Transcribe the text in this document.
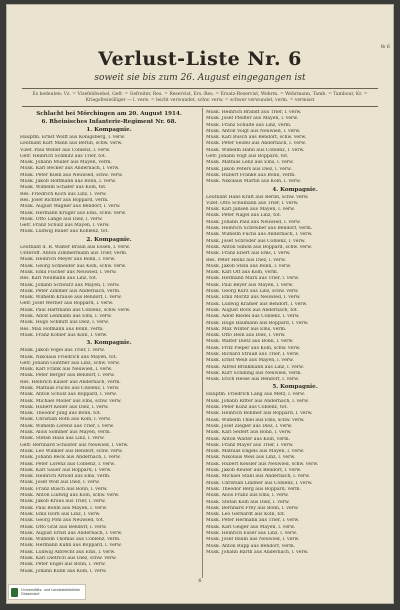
№ 6
Verlust-Liste Nr. 6
soweit sie bis zum 26. August eingegangen ist
Es bedeuten: Vz. = Vizefeldwebel, Gefr. = Gefreiter, Res. = Reservist, Ers.-Res. = Ersatz-Reservist, Wehrm. = Wehrmann, Tamb. = Tambour, Kr. = Kriegsfreiwilliger — l. verw. = leicht verwundet, schw. verw. = schwer verwundet, verm. = vermisst
Schlacht bei Mörchingen am 20. August 1914.
6. Rheinisches Infanterie-Regiment Nr. 68.
1. Kompagnie.
Hauptm. Ernst Wolff aus Königsberg, l. verw.
Leutnant Kurt Mann aus Berlin, schw. verw.
Vizef. Paul Weber aus Coblenz, l. verw.
Gefr. Heinrich Schmitz aus Trier, tot.
Musk. Johann Müller aus Mayen, verm.
Musk. Karl Becker aus Andernach, l. verw.
Musk. Peter Klein aus Neuwied, schw. verw.
Musk. Jakob Hoffmann aus Bonn, l. verw.
Musk. Wilhelm Schäfer aus Köln, tot.
Res. Friedrich Koch aus Linz, l. verw.
Res. Josef Richter aus Boppard, verm.
Musk. August Wagner aus Bendorf, l. verw.
Musk. Hermann Krüger aus Ems, schw. verw.
Musk. Otto Lange aus Diez, l. verw.
Gefr. Franz Schulz aus Mayen, l. verw.
Musk. Ludwig Bauer aus Koblenz, tot.
2. Kompagnie.
Leutnant d. R. Walter Braun aus Essen, l. verw.
Unteroff. Anton Zimmermann aus Trier, verm.
Musk. Heinrich Meyer aus Bonn, l. verw.
Musk. Georg Schneider aus Köln, schw. verw.
Musk. Emil Fischer aus Neuwied, l. verw.
Res. Karl Neumann aus Linz, tot.
Musk. Johann Schwarz aus Mayen, l. verw.
Musk. Peter Zimmer aus Andernach, verm.
Musk. Wilhelm Krause aus Bendorf, l. verw.
Gefr. Josef Werner aus Boppard, l. verw.
Musk. Paul Hartmann aus Coblenz, schw. verw.
Musk. Adolf Lehmann aus Ems, l. verw.
Musk. Hugo Schmitt aus Diez, l. verw.
Res. Max Hofmann aus Bonn, verm.
Musk. Franz Köhler aus Köln, l. verw.
3. Kompagnie.
Musk. Jakob Vogel aus Trier, l. verw.
Musk. Nikolaus Friedrich aus Mayen, tot.
Gefr. Johann Günther aus Linz, schw. verw.
Musk. Karl Frank aus Neuwied, l. verw.
Musk. Peter Berger aus Bendorf, l. verw.
Res. Heinrich Kaiser aus Andernach, verm.
Musk. Mathias Fuchs aus Coblenz, l. verw.
Musk. Anton Scholz aus Boppard, l. verw.
Musk. Michael Möller aus Ems, schw. verw.
Musk. Hubert Keller aus Diez, l. verw.
Musk. Theodor Jung aus Bonn, tot.
Musk. Christian Roth aus Köln, l. verw.
Musk. Wilhelm Lorenz aus Trier, l. verw.
Musk. Alois Sommer aus Mayen, verm.
Musk. Stefan Haas aus Linz, l. verw.
Gefr. Bernhard Schuster aus Neuwied, l. verw.
Musk. Leo Winkler aus Bendorf, schw. verw.
Musk. Johann Beck aus Andernach, l. verw.
Musk. Peter Lorenz aus Coblenz, l. verw.
Musk. Karl Sauer aus Boppard, l. verw.
Musk. Heinrich Arnold aus Ems, verm.
Musk. Josef Wolf aus Diez, l. verw.
Musk. Franz Busch aus Bonn, l. verw.
Musk. Anton Ludwig aus Köln, schw. verw.
Musk. Jakob Kraus aus Trier, l. verw.
Musk. Paul Böhm aus Mayen, l. verw.
Musk. Emil Horn aus Linz, l. verw.
Musk. Georg Pohl aus Neuwied, tot.
Musk. Otto Graf aus Bendorf, l. verw.
Musk. August Ernst aus Andernach, l. verw.
Musk. Wilhelm Thomas aus Coblenz, verm.
Musk. Hermann Kuhn aus Boppard, l. verw.
Musk. Ludwig Albrecht aus Ems, l. verw.
Musk. Karl Dietrich aus Diez, schw. verw.
Musk. Peter Engel aus Bonn, l. verw.
Musk. Johann Kühn aus Köln, l. verw.
Musk. Heinrich Brandt aus Trier, l. verw.
Musk. Josef Pfeiffer aus Mayen, l. verw.
Musk. Franz Schulte aus Linz, verm.
Musk. Anton Voigt aus Neuwied, l. verw.
Musk. Karl Busch aus Bendorf, schw. verw.
Musk. Peter Seidel aus Andernach, l. verw.
Musk. Wilhelm Hahn aus Coblenz, l. verw.
Gefr. Johann Vogt aus Boppard, tot.
Musk. Mathias Lenz aus Ems, l. verw.
Musk. Jakob Peters aus Diez, l. verw.
Musk. Hubert Franke aus Bonn, verm.
Musk. Nikolaus Martin aus Köln, l. verw.
4. Kompagnie.
Leutnant Hans Kraft aus Berlin, schw. verw.
Vizef. Otto Schumann aus Trier, l. verw.
Musk. Karl Jansen aus Mayen, l. verw.
Musk. Peter Nagel aus Linz, tot.
Musk. Johann Paul aus Neuwied, l. verw.
Musk. Heinrich Schreiber aus Bendorf, verm.
Musk. Wilhelm Fuchs aus Andernach, l. verw.
Musk. Josef Schröder aus Coblenz, l. verw.
Musk. Anton Simon aus Boppard, schw. verw.
Musk. Franz Ebert aus Ems, l. verw.
Res. Peter Heinz aus Diez, l. verw.
Musk. Jakob Stein aus Bonn, l. verw.
Musk. Karl Ott aus Köln, verm.
Musk. Hermann Marx aus Trier, l. verw.
Musk. Paul Beyer aus Mayen, l. verw.
Musk. Georg Kurz aus Linz, schw. verw.
Musk. Emil Moritz aus Neuwied, l. verw.
Musk. Ludwig Krämer aus Bendorf, l. verw.
Musk. August Bock aus Andernach, tot.
Musk. Adolf Riedel aus Coblenz, l. verw.
Musk. Hugo Baumann aus Boppard, l. verw.
Musk. Max Winter aus Ems, verm.
Musk. Otto Hein aus Diez, l. verw.
Musk. Walter Dietz aus Bonn, l. verw.
Musk. Fritz Pieper aus Köln, schw. verw.
Musk. Richard Strauß aus Trier, l. verw.
Musk. Ernst Weiß aus Mayen, l. verw.
Musk. Alfred Brinkmann aus Linz, l. verw.
Musk. Kurt Schilling aus Neuwied, verm.
Musk. Erich Hesse aus Bendorf, l. verw.
5. Kompagnie.
Hauptm. Friedrich Lang aus Metz, l. verw.
Musk. Johann Ritter aus Andernach, l. verw.
Musk. Peter Kunz aus Coblenz, tot.
Musk. Heinrich Böhmer aus Boppard, l. verw.
Musk. Wilhelm Thiel aus Ems, schw. verw.
Musk. Josef Ziegler aus Diez, l. verw.
Musk. Karl Seifert aus Bonn, l. verw.
Musk. Anton Walter aus Köln, verm.
Musk. Franz Mayer aus Trier, l. verw.
Musk. Mathias Engels aus Mayen, l. verw.
Musk. Nikolaus Weis aus Linz, l. verw.
Musk. Hubert Kessler aus Neuwied, schw. verw.
Musk. Jakob Reuter aus Bendorf, l. verw.
Musk. Michael Stahl aus Andernach, l. verw.
Musk. Christian Lindner aus Coblenz, l. verw.
Musk. Theodor Berg aus Boppard, verm.
Musk. Alois Franz aus Ems, l. verw.
Musk. Stefan Kolb aus Diez, l. verw.
Musk. Bernhard Frey aus Bonn, l. verw.
Musk. Leo Gerhardt aus Köln, tot.
Musk. Peter Hermann aus Trier, l. verw.
Musk. Karl Geiger aus Mayen, l. verw.
Musk. Heinrich Esser aus Linz, l. verw.
Musk. Josef Baum aus Neuwied, l. verw.
Musk. Anton Rupp aus Bendorf, verm.
Musk. Johann Barth aus Andernach, l. verw.
6
Universitäts- und Landesbibliothek Düsseldorf
